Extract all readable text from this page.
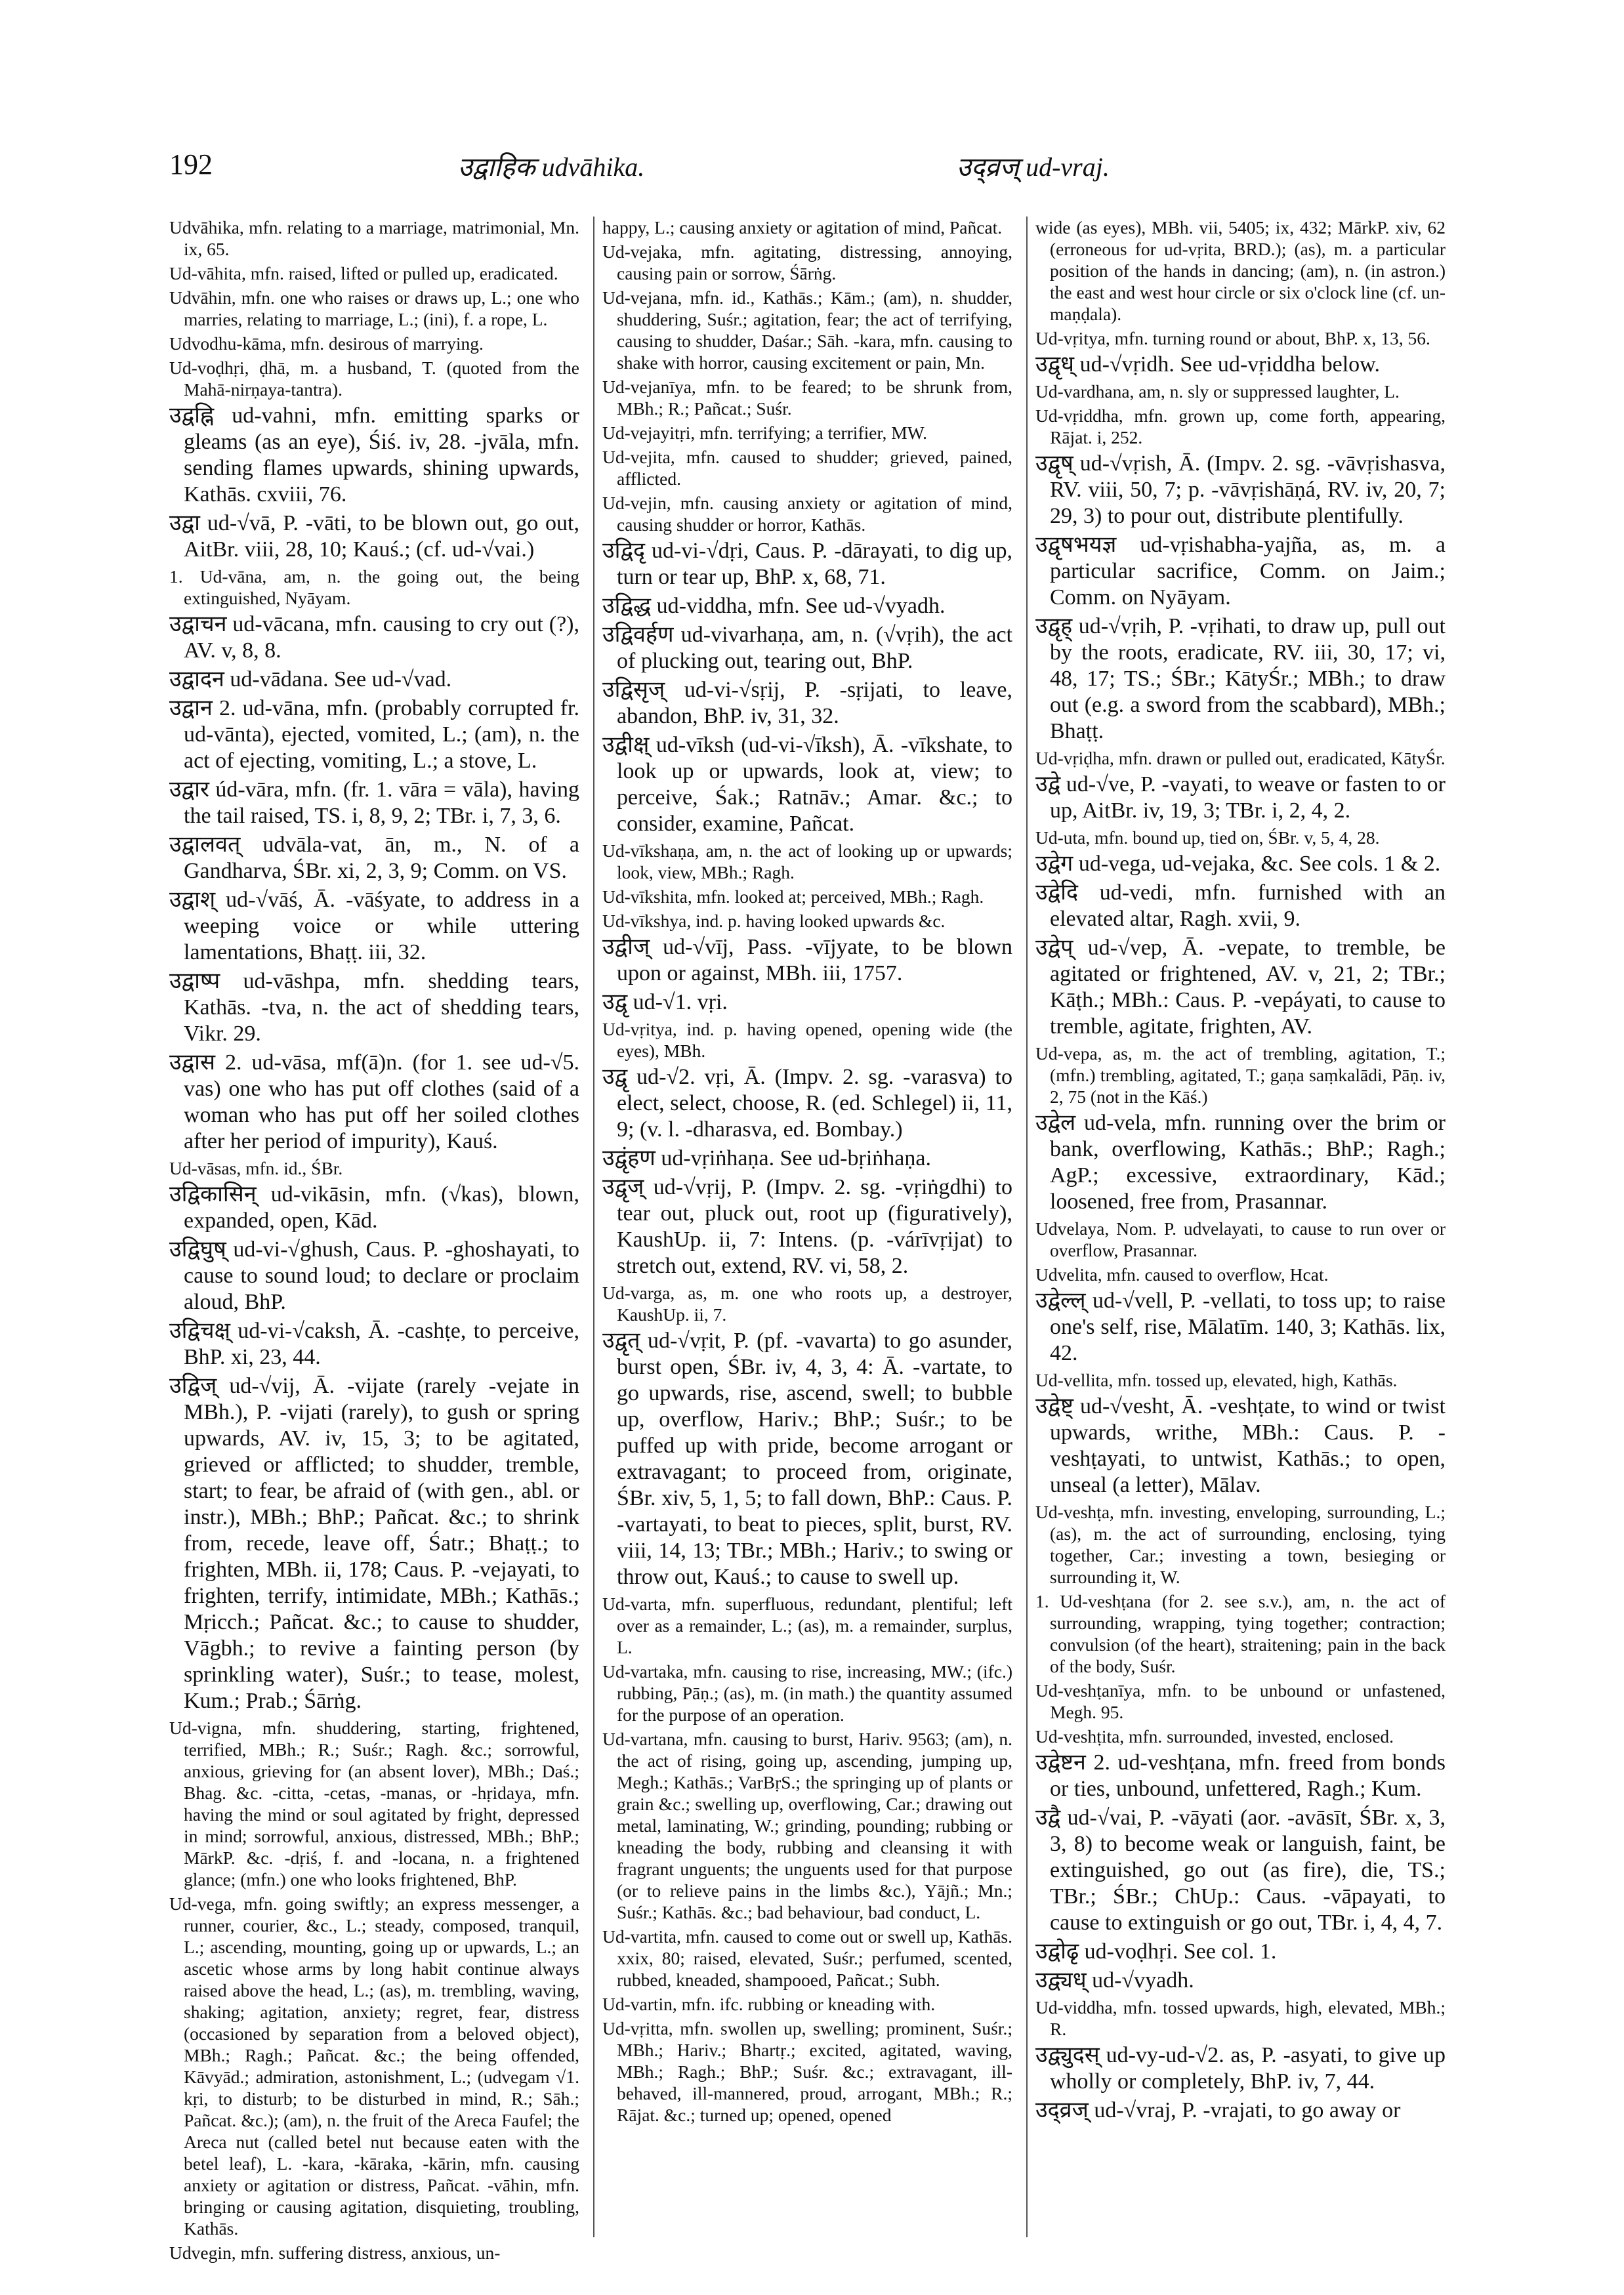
192	उद्वाहिक udvāhika.	उद्व्रज् ud-vraj.

Udvāhika, mfn. relating to a marriage, matrimonial, Mn. ix, 65.

Ud-vāhita, mfn. raised, lifted or pulled up, eradicated.

Udvāhin, mfn. one who raises or draws up, L.; one who marries, relating to marriage, L.; (ini), f. a rope, L.

Udvodhu-kāma, mfn. desirous of marrying.

Ud-voḍhṛi, ḍhā, m. a husband, T. (quoted from the Mahā-nirṇaya-tantra).

उद्वह्नि ud-vahni, mfn. emitting sparks or gleams (as an eye), Śiś. iv, 28. -jvāla, mfn. sending flames upwards, shining upwards, Kathās. cxviii, 76.

उद्वा ud-√vā, P. -vāti, to be blown out, go out, AitBr. viii, 28, 10; Kauś.; (cf. ud-√vai.)

1. Ud-vāna, am, n. the going out, the being extinguished, Nyāyam.

उद्वाचन ud-vācana, mfn. causing to cry out (?), AV. v, 8, 8.

उद्वादन ud-vādana. See ud-√vad.

उद्वान 2. ud-vāna, mfn. (probably corrupted fr. ud-vānta), ejected, vomited, L.; (am), n. the act of ejecting, vomiting, L.; a stove, L.

उद्वार úd-vāra, mfn. (fr. 1. vāra = vāla), having the tail raised, TS. i, 8, 9, 2; TBr. i, 7, 3, 6.

उद्वालवत् udvāla-vat, ān, m., N. of a Gandharva, ŚBr. xi, 2, 3, 9; Comm. on VS.

उद्वाश् ud-√vāś, Ā. -vāśyate, to address in a weeping voice or while uttering lamentations, Bhaṭṭ. iii, 32.

उद्वाष्प ud-vāshpa, mfn. shedding tears, Kathās. -tva, n. the act of shedding tears, Vikr. 29.

उद्वास 2. ud-vāsa, mf(ā)n. (for 1. see ud-√5. vas) one who has put off clothes (said of a woman who has put off her soiled clothes after her period of impurity), Kauś.

Ud-vāsas, mfn. id., ŚBr.

उद्विकासिन् ud-vikāsin, mfn. (√kas), blown, expanded, open, Kād.

उद्विघुष् ud-vi-√ghush, Caus. P. -ghoshayati, to cause to sound loud; to declare or proclaim aloud, BhP.

उद्विचक्ष् ud-vi-√caksh, Ā. -cashṭe, to perceive, BhP. xi, 23, 44.

उद्विज् ud-√vij, Ā. -vijate (rarely -vejate in MBh.), P. -vijati (rarely), to gush or spring upwards, AV. iv, 15, 3; to be agitated, grieved or afflicted; to shudder, tremble, start; to fear, be afraid of (with gen., abl. or instr.), MBh.; BhP.; Pañcat. &c.; to shrink from, recede, leave off, Śatr.; Bhaṭṭ.; to frighten, MBh. ii, 178; Caus. P. -vejayati, to frighten, terrify, intimidate, MBh.; Kathās.; Mṛicch.; Pañcat. &c.; to cause to shudder, Vāgbh.; to revive a fainting person (by sprinkling water), Suśr.; to tease, molest, Kum.; Prab.; Śārṅg.

Ud-vigna, mfn. shuddering, starting, frightened, terrified, MBh.; R.; Suśr.; Ragh. &c.; sorrowful, anxious, grieving for (an absent lover), MBh.; Daś.; Bhag. &c. -citta, -cetas, -manas, or -hṛidaya, mfn. having the mind or soul agitated by fright, depressed in mind; sorrowful, anxious, distressed, MBh.; BhP.; MārkP. &c. -dṛiś, f. and -locana, n. a frightened glance; (mfn.) one who looks frightened, BhP.

Ud-vega, mfn. going swiftly; an express messenger, a runner, courier, &c., L.; steady, composed, tranquil, L.; ascending, mounting, going up or upwards, L.; an ascetic whose arms by long habit continue always raised above the head, L.; (as), m. trembling, waving, shaking; agitation, anxiety; regret, fear, distress (occasioned by separation from a beloved object), MBh.; Ragh.; Pañcat. &c.; the being offended, Kāvyād.; admiration, astonishment, L.; (udvegam √1. kṛi, to disturb; to be disturbed in mind, R.; Sāh.; Pañcat. &c.); (am), n. the fruit of the Areca Faufel; the Areca nut (called betel nut because eaten with the betel leaf), L. -kara, -kāraka, -kārin, mfn. causing anxiety or agitation or distress, Pañcat. -vāhin, mfn. bringing or causing agitation, disquieting, troubling, Kathās.

Udvegin, mfn. suffering distress, anxious, un-

happy, L.; causing anxiety or agitation of mind, Pañcat.

Ud-vejaka, mfn. agitating, distressing, annoying, causing pain or sorrow, Śārṅg.

Ud-vejana, mfn. id., Kathās.; Kām.; (am), n. shudder, shuddering, Suśr.; agitation, fear; the act of terrifying, causing to shudder, Daśar.; Sāh. -kara, mfn. causing to shake with horror, causing excitement or pain, Mn.

Ud-vejanīya, mfn. to be feared; to be shrunk from, MBh.; R.; Pañcat.; Suśr.

Ud-vejayitṛi, mfn. terrifying; a terrifier, MW.

Ud-vejita, mfn. caused to shudder; grieved, pained, afflicted.

Ud-vejin, mfn. causing anxiety or agitation of mind, causing shudder or horror, Kathās.

उद्विदृ ud-vi-√dṛi, Caus. P. -dārayati, to dig up, turn or tear up, BhP. x, 68, 71.

उद्विद्ध ud-viddha, mfn. See ud-√vyadh.

उद्विवर्हण ud-vivarhaṇa, am, n. (√vṛih), the act of plucking out, tearing out, BhP.

उद्विसृज् ud-vi-√sṛij, P. -sṛijati, to leave, abandon, BhP. iv, 31, 32.

उद्वीक्ष् ud-vīksh (ud-vi-√īksh), Ā. -vīkshate, to look up or upwards, look at, view; to perceive, Śak.; Ratnāv.; Amar. &c.; to consider, examine, Pañcat.

Ud-vīkshaṇa, am, n. the act of looking up or upwards; look, view, MBh.; Ragh.

Ud-vīkshita, mfn. looked at; perceived, MBh.; Ragh.

Ud-vīkshya, ind. p. having looked upwards &c.

उद्वीज् ud-√vīj, Pass. -vījyate, to be blown upon or against, MBh. iii, 1757.

उद्वृ ud-√1. vṛi.

Ud-vṛitya, ind. p. having opened, opening wide (the eyes), MBh.

उद्वृ ud-√2. vṛi, Ā. (Impv. 2. sg. -varasva) to elect, select, choose, R. (ed. Schlegel) ii, 11, 9; (v. l. -dharasva, ed. Bombay.)

उद्वृंहण ud-vṛiṅhaṇa. See ud-bṛiṅhaṇa.

उद्वृज् ud-√vṛij, P. (Impv. 2. sg. -vṛiṅgdhi) to tear out, pluck out, root up (figuratively), KaushUp. ii, 7: Intens. (p. -várīvṛijat) to stretch out, extend, RV. vi, 58, 2.

Ud-varga, as, m. one who roots up, a destroyer, KaushUp. ii, 7.

उद्वृत् ud-√vṛit, P. (pf. -vavarta) to go asunder, burst open, ŚBr. iv, 4, 3, 4: Ā. -vartate, to go upwards, rise, ascend, swell; to bubble up, overflow, Hariv.; BhP.; Suśr.; to be puffed up with pride, become arrogant or extravagant; to proceed from, originate, ŚBr. xiv, 5, 1, 5; to fall down, BhP.: Caus. P. -vartayati, to beat to pieces, split, burst, RV. viii, 14, 13; TBr.; MBh.; Hariv.; to swing or throw out, Kauś.; to cause to swell up.

Ud-varta, mfn. superfluous, redundant, plentiful; left over as a remainder, L.; (as), m. a remainder, surplus, L.

Ud-vartaka, mfn. causing to rise, increasing, MW.; (ifc.) rubbing, Pāṇ.; (as), m. (in math.) the quantity assumed for the purpose of an operation.

Ud-vartana, mfn. causing to burst, Hariv. 9563; (am), n. the act of rising, going up, ascending, jumping up, Megh.; Kathās.; VarBṛS.; the springing up of plants or grain &c.; swelling up, overflowing, Car.; drawing out metal, laminating, W.; grinding, pounding; rubbing or kneading the body, rubbing and cleansing it with fragrant unguents; the unguents used for that purpose (or to relieve pains in the limbs &c.), Yājñ.; Mn.; Suśr.; Kathās. &c.; bad behaviour, bad conduct, L.

Ud-vartita, mfn. caused to come out or swell up, Kathās. xxix, 80; raised, elevated, Suśr.; perfumed, scented, rubbed, kneaded, shampooed, Pañcat.; Subh.

Ud-vartin, mfn. ifc. rubbing or kneading with.

Ud-vṛitta, mfn. swollen up, swelling; prominent, Suśr.; MBh.; Hariv.; Bhartṛ.; excited, agitated, waving, MBh.; Ragh.; BhP.; Suśr. &c.; extravagant, ill-behaved, ill-mannered, proud, arrogant, MBh.; R.; Rājat. &c.; turned up; opened, opened

wide (as eyes), MBh. vii, 5405; ix, 432; MārkP. xiv, 62 (erroneous for ud-vṛita, BRD.); (as), m. a particular position of the hands in dancing; (am), n. (in astron.) the east and west hour circle or six o'clock line (cf. un-maṇḍala).

Ud-vṛitya, mfn. turning round or about, BhP. x, 13, 56.

उद्वृध् ud-√vṛidh. See ud-vṛiddha below.

Ud-vardhana, am, n. sly or suppressed laughter, L.

Ud-vṛiddha, mfn. grown up, come forth, appearing, Rājat. i, 252.

उद्वृष् ud-√vṛish, Ā. (Impv. 2. sg. -vāvṛishasva, RV. viii, 50, 7; p. -vāvṛishāṇá, RV. iv, 20, 7; 29, 3) to pour out, distribute plentifully.

उद्वृषभयज्ञ ud-vṛishabha-yajña, as, m. a particular sacrifice, Comm. on Jaim.; Comm. on Nyāyam.

उद्वृह् ud-√vṛih, P. -vṛihati, to draw up, pull out by the roots, eradicate, RV. iii, 30, 17; vi, 48, 17; TS.; ŚBr.; KātyŚr.; MBh.; to draw out (e.g. a sword from the scabbard), MBh.; Bhaṭṭ.

Ud-vṛiḍha, mfn. drawn or pulled out, eradicated, KātyŚr.

उद्वे ud-√ve, P. -vayati, to weave or fasten to or up, AitBr. iv, 19, 3; TBr. i, 2, 4, 2.

Ud-uta, mfn. bound up, tied on, ŚBr. v, 5, 4, 28.

उद्वेग ud-vega, ud-vejaka, &c. See cols. 1 & 2.

उद्वेदि ud-vedi, mfn. furnished with an elevated altar, Ragh. xvii, 9.

उद्वेप् ud-√vep, Ā. -vepate, to tremble, be agitated or frightened, AV. v, 21, 2; TBr.; Kāṭh.; MBh.: Caus. P. -vepáyati, to cause to tremble, agitate, frighten, AV.

Ud-vepa, as, m. the act of trembling, agitation, T.; (mfn.) trembling, agitated, T.; gaṇa saṃkalādi, Pāṇ. iv, 2, 75 (not in the Kāś.)

उद्वेल ud-vela, mfn. running over the brim or bank, overflowing, Kathās.; BhP.; Ragh.; AgP.; excessive, extraordinary, Kād.; loosened, free from, Prasannar.

Udvelaya, Nom. P. udvelayati, to cause to run over or overflow, Prasannar.

Udvelita, mfn. caused to overflow, Hcat.

उद्वेल्ल् ud-√vell, P. -vellati, to toss up; to raise one's self, rise, Mālatīm. 140, 3; Kathās. lix, 42.

Ud-vellita, mfn. tossed up, elevated, high, Kathās.

उद्वेष्ट् ud-√vesht, Ā. -veshṭate, to wind or twist upwards, writhe, MBh.: Caus. P. -veshṭayati, to untwist, Kathās.; to open, unseal (a letter), Mālav.

Ud-veshṭa, mfn. investing, enveloping, surrounding, L.; (as), m. the act of surrounding, enclosing, tying together, Car.; investing a town, besieging or surrounding it, W.

1. Ud-veshṭana (for 2. see s.v.), am, n. the act of surrounding, wrapping, tying together; contraction; convulsion (of the heart), straitening; pain in the back of the body, Suśr.

Ud-veshṭanīya, mfn. to be unbound or unfastened, Megh. 95.

Ud-veshṭita, mfn. surrounded, invested, enclosed.

उद्वेष्टन 2. ud-veshṭana, mfn. freed from bonds or ties, unbound, unfettered, Ragh.; Kum.

उद्वै ud-√vai, P. -vāyati (aor. -avāsīt, ŚBr. x, 3, 3, 8) to become weak or languish, faint, be extinguished, go out (as fire), die, TS.; TBr.; ŚBr.; ChUp.: Caus. -vāpayati, to cause to extinguish or go out, TBr. i, 4, 4, 7.

उद्वोढृ ud-voḍhṛi. See col. 1.

उद्व्यध् ud-√vyadh.

Ud-viddha, mfn. tossed upwards, high, elevated, MBh.; R.

उद्व्युदस् ud-vy-ud-√2. as, P. -asyati, to give up wholly or completely, BhP. iv, 7, 44.

उद्व्रज् ud-√vraj, P. -vrajati, to go away or
